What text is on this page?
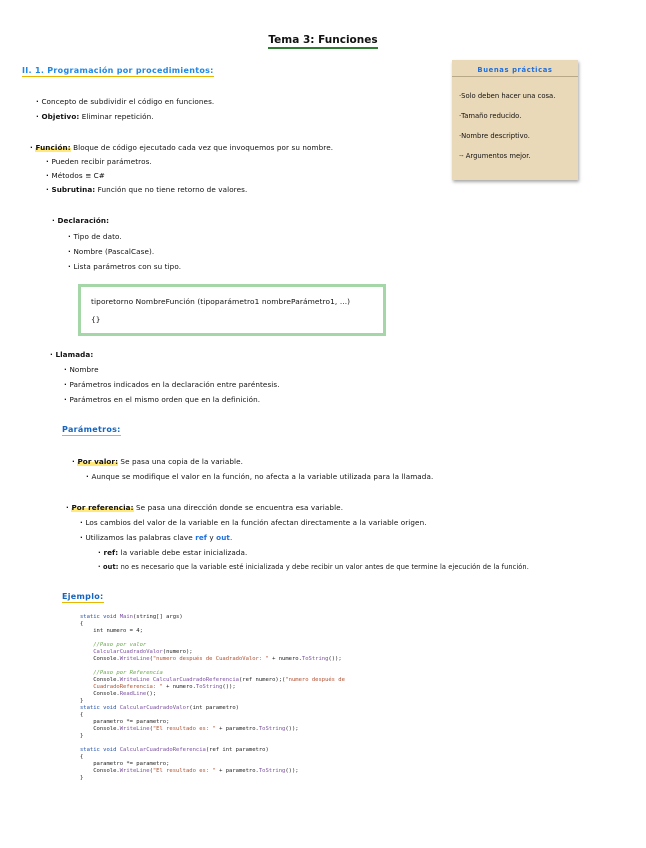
Tema 3: Funciones
II. 1. Programación por procedimientos:
· Concepto de subdividir el código en funciones.
· Objetivo: Eliminar repetición.
· Función: Bloque de código ejecutado cada vez que invoquemos por su nombre.
· Pueden recibir parámetros.
· Métodos ≡ C#
· Subrutina: Función que no tiene retorno de valores.
· Declaración:
· Tipo de dato.
· Nombre (PascalCase).
· Lista parámetros con su tipo.
tiporetorno NombreFunción (tipoparámetro1 nombreParámetro1, ...)
{}
· Llamada:
· Nombre
· Parámetros indicados en la declaración entre paréntesis.
· Parámetros en el mismo orden que en la definición.
Parámetros:
· Por valor: Se pasa una copia de la variable.
· Aunque se modifique el valor en la función, no afecta a la variable utilizada para la llamada.
· Por referencia: Se pasa una dirección donde se encuentra esa variable.
· Los cambios del valor de la variable en la función afectan directamente a la variable origen.
· Utilizamos las palabras clave ref y out.
· ref: la variable debe estar inicializada.
· out: no es necesario que la variable esté inicializada y debe recibir un valor antes de que termine la ejecución de la función.
Ejemplo:
static void Main(string[] args)
{
int numero = 4;

//Paso por valor
CalcularCuadradoValor(numero);
Console.WriteLine("numero después de CuadradoValor: " + numero.ToString());

//Paso por Referencia
Console.WriteLine CalcularCuadradoReferencia(ref numero);("numero después de
CuadradoReferencia: " + numero.ToString());
Console.ReadLine();
}
static void CalcularCuadradoValor(int parametro)
{
parametro *= parametro;
Console.WriteLine("El resultado es: " + parametro.ToString());
}

static void CalcularCuadradoReferencia(ref int parametro)
{
parametro *= parametro;
Console.WriteLine("El resultado es: " + parametro.ToString());
}
Buenas prácticas
·Solo deben hacer una cosa.
·Tamaño reducido.
·Nombre descriptivo.
·- Argumentos mejor.
